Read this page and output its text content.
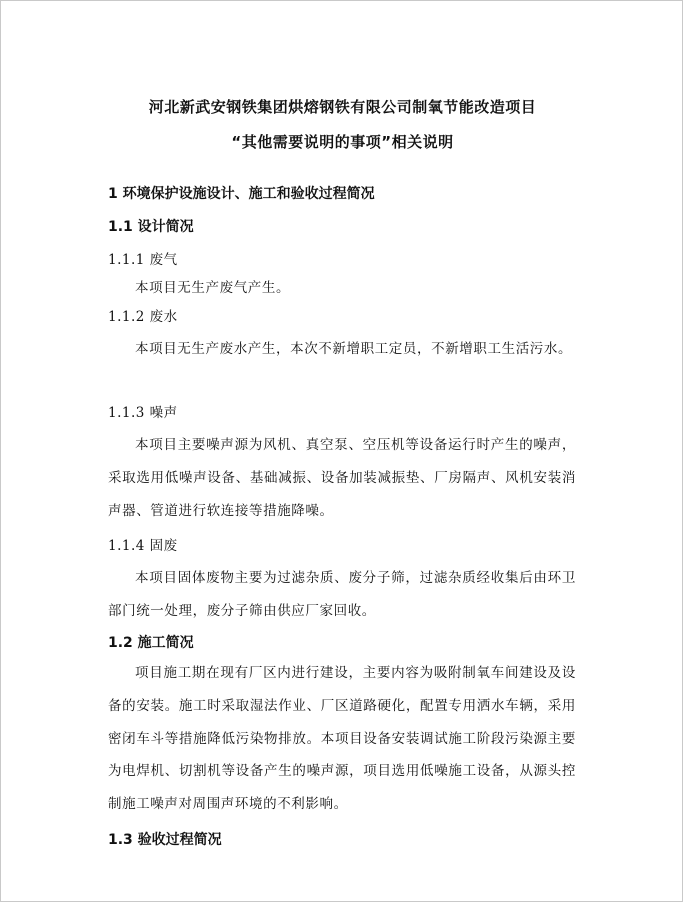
河北新武安钢铁集团烘熔钢铁有限公司制氧节能改造项目
“其他需要说明的事项”相关说明
1 环境保护设施设计、施工和验收过程简况
1.1 设计简况
1.1.1 废气

本项目无生产废气产生。

1.1.2 废水

本项目无生产废水产生，本次不新增职工定员，不新增职工生活污水。

1.1.3 噪声

本项目主要噪声源为风机、真空泵、空压机等设备运行时产生的噪声，采取选用低噪声设备、基础减振、设备加装减振垫、厂房隔声、风机安装消声器、管道进行软连接等措施降噪。

1.1.4 固废

本项目固体废物主要为过滤杂质、废分子筛，过滤杂质经收集后由环卫部门统一处理，废分子筛由供应厂家回收。

1.2 施工简况

项目施工期在现有厂区内进行建设，主要内容为吸附制氧车间建设及设备的安装。施工时采取湿法作业、厂区道路硬化，配置专用洒水车辆，采用密闭车斗等措施降低污染物排放。本项目设备安装调试施工阶段污染源主要为电焊机、切割机等设备产生的噪声源，项目选用低噪施工设备，从源头控制施工噪声对周围声环境的不利影响。

1.3 验收过程简况
